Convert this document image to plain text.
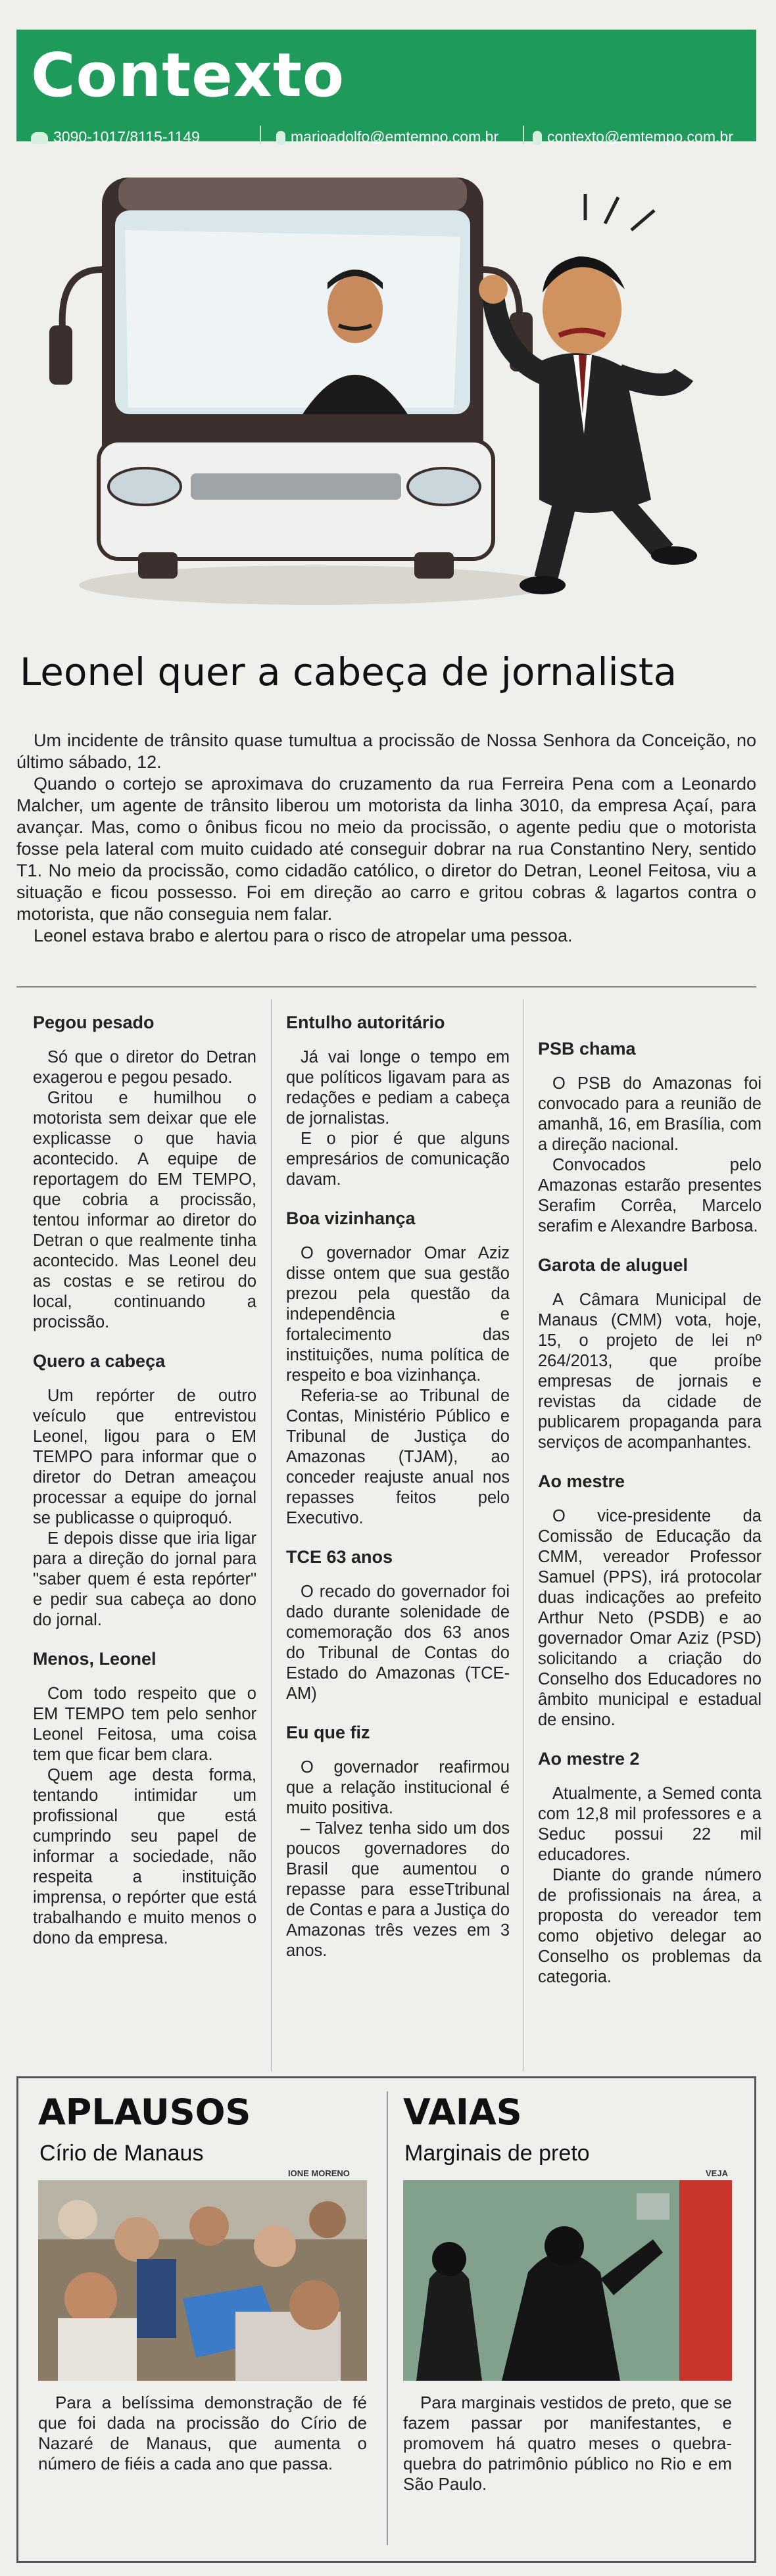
Contexto
3090-1017/8115-1149	marioadolfo@emtempo.com.br	contexto@emtempo.com.br
Leonel quer a cabeça de jornalista

Um incidente de trânsito quase tumultua a procissão de Nossa Senhora da Conceição, no último sábado, 12.

Quando o cortejo se aproximava do cruzamento da rua Ferreira Pena com a Leonardo Malcher, um agente de trânsito liberou um motorista da linha 3010, da empresa Açaí, para avançar. Mas, como o ônibus ficou no meio da procissão, o agente pediu que o motorista fosse pela lateral com muito cuidado até conseguir dobrar na rua Constantino Nery, sentido T1. No meio da procissão, como cidadão católico, o diretor do Detran, Leonel Feitosa, viu a situação e ficou possesso. Foi em direção ao carro e gritou cobras & lagartos contra o motorista, que não conseguia nem falar.

Leonel estava brabo e alertou para o risco de atropelar uma pessoa.

Pegou pesado

Só que o diretor do Detran exagerou e pegou pesado.

Gritou e humilhou o motorista sem deixar que ele explicasse o que havia acontecido. A equipe de reportagem do EM TEMPO, que cobria a procissão, tentou informar ao diretor do Detran o que realmente tinha acontecido. Mas Leonel deu as costas e se retirou do local, continuando a procissão.

Quero a cabeça

Um repórter de outro veículo que entrevistou Leonel, ligou para o EM TEMPO para informar que o diretor do Detran ameaçou processar a equipe do jornal se publicasse o quiproquó.

E depois disse que iria ligar para a direção do jornal para "saber quem é esta repórter" e pedir sua cabeça ao dono do jornal.

Menos, Leonel

Com todo respeito que o EM TEMPO tem pelo senhor Leonel Feitosa, uma coisa tem que ficar bem clara.

Quem age desta forma, tentando intimidar um profissional que está cumprindo seu papel de informar a sociedade, não respeita a instituição imprensa, o repórter que está trabalhando e muito menos o dono da empresa.

Entulho autoritário

Já vai longe o tempo em que políticos ligavam para as redações e pediam a cabeça de jornalistas.

E o pior é que alguns empresários de comunicação davam.

Boa vizinhança

O governador Omar Aziz disse ontem que sua gestão prezou pela questão da independência e fortalecimento das instituições, numa política de respeito e boa vizinhança.

Referia-se ao Tribunal de Contas, Ministério Público e Tribunal de Justiça do Amazonas (TJAM), ao conceder reajuste anual nos repasses feitos pelo Executivo.

TCE 63 anos

O recado do governador foi dado durante solenidade de comemoração dos 63 anos do Tribunal de Contas do Estado do Amazonas (TCE-AM)

Eu que fiz

O governador reafirmou que a relação institucional é muito positiva.

– Talvez tenha sido um dos poucos governadores do Brasil que aumentou o repasse para esseTtribunal de Contas e para a Justiça do Amazonas três vezes em 3 anos.

PSB chama

O PSB do Amazonas foi convocado para a reunião de amanhã, 16, em Brasília, com a direção nacional.

Convocados pelo Amazonas estarão presentes Serafim Corrêa, Marcelo serafim e Alexandre Barbosa.

Garota de aluguel

A Câmara Municipal de Manaus (CMM) vota, hoje, 15, o projeto de lei nº 264/2013, que proíbe empresas de jornais e revistas da cidade de publicarem propaganda para serviços de acompanhantes.

Ao mestre

O vice-presidente da Comissão de Educação da CMM, vereador Professor Samuel (PPS), irá protocolar duas indicações ao prefeito Arthur Neto (PSDB) e ao governador Omar Aziz (PSD) solicitando a criação do Conselho dos Educadores no âmbito municipal e estadual de ensino.

Ao mestre 2

Atualmente, a Semed conta com 12,8 mil professores e a Seduc possui 22 mil educadores.

Diante do grande número de profissionais na área, a proposta do vereador tem como objetivo delegar ao Conselho os problemas da categoria.

APLAUSOS
Círio de Manaus
IONE MORENO

Para a belíssima demonstração de fé que foi dada na procissão do Círio de Nazaré de Manaus, que aumenta o número de fiéis a cada ano que passa.

VAIAS
Marginais de preto
VEJA

Para marginais vestidos de preto, que se fazem passar por manifestantes, e promovem há quatro meses o quebra-quebra do patrimônio público no Rio e em São Paulo.
